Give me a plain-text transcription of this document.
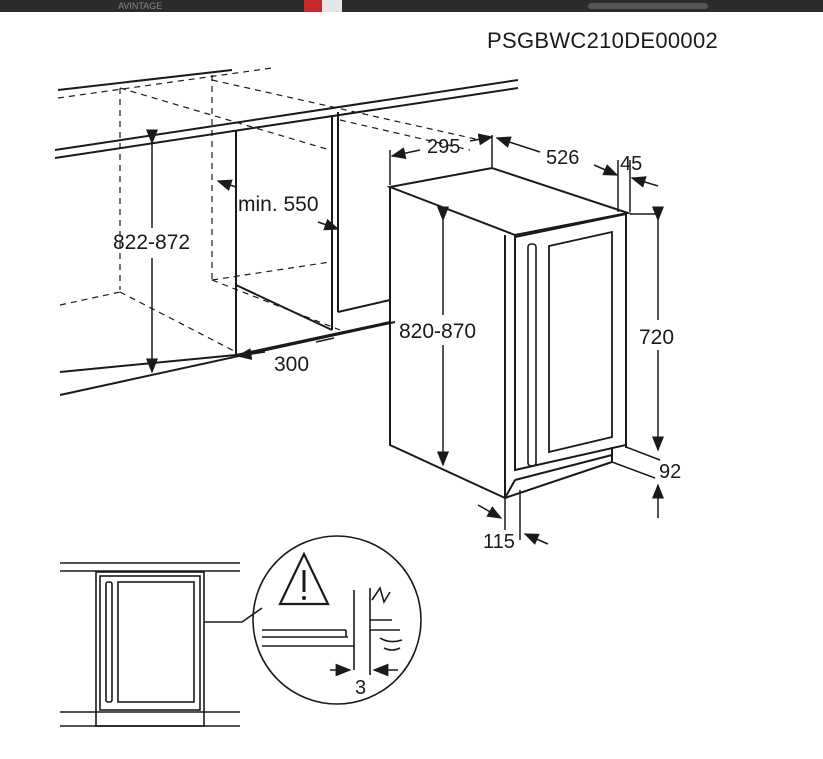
AVINTAGE
PSGBWC210DE00002
295	526 45
822-872
min. 550
300
820-870	720
92
115
3
